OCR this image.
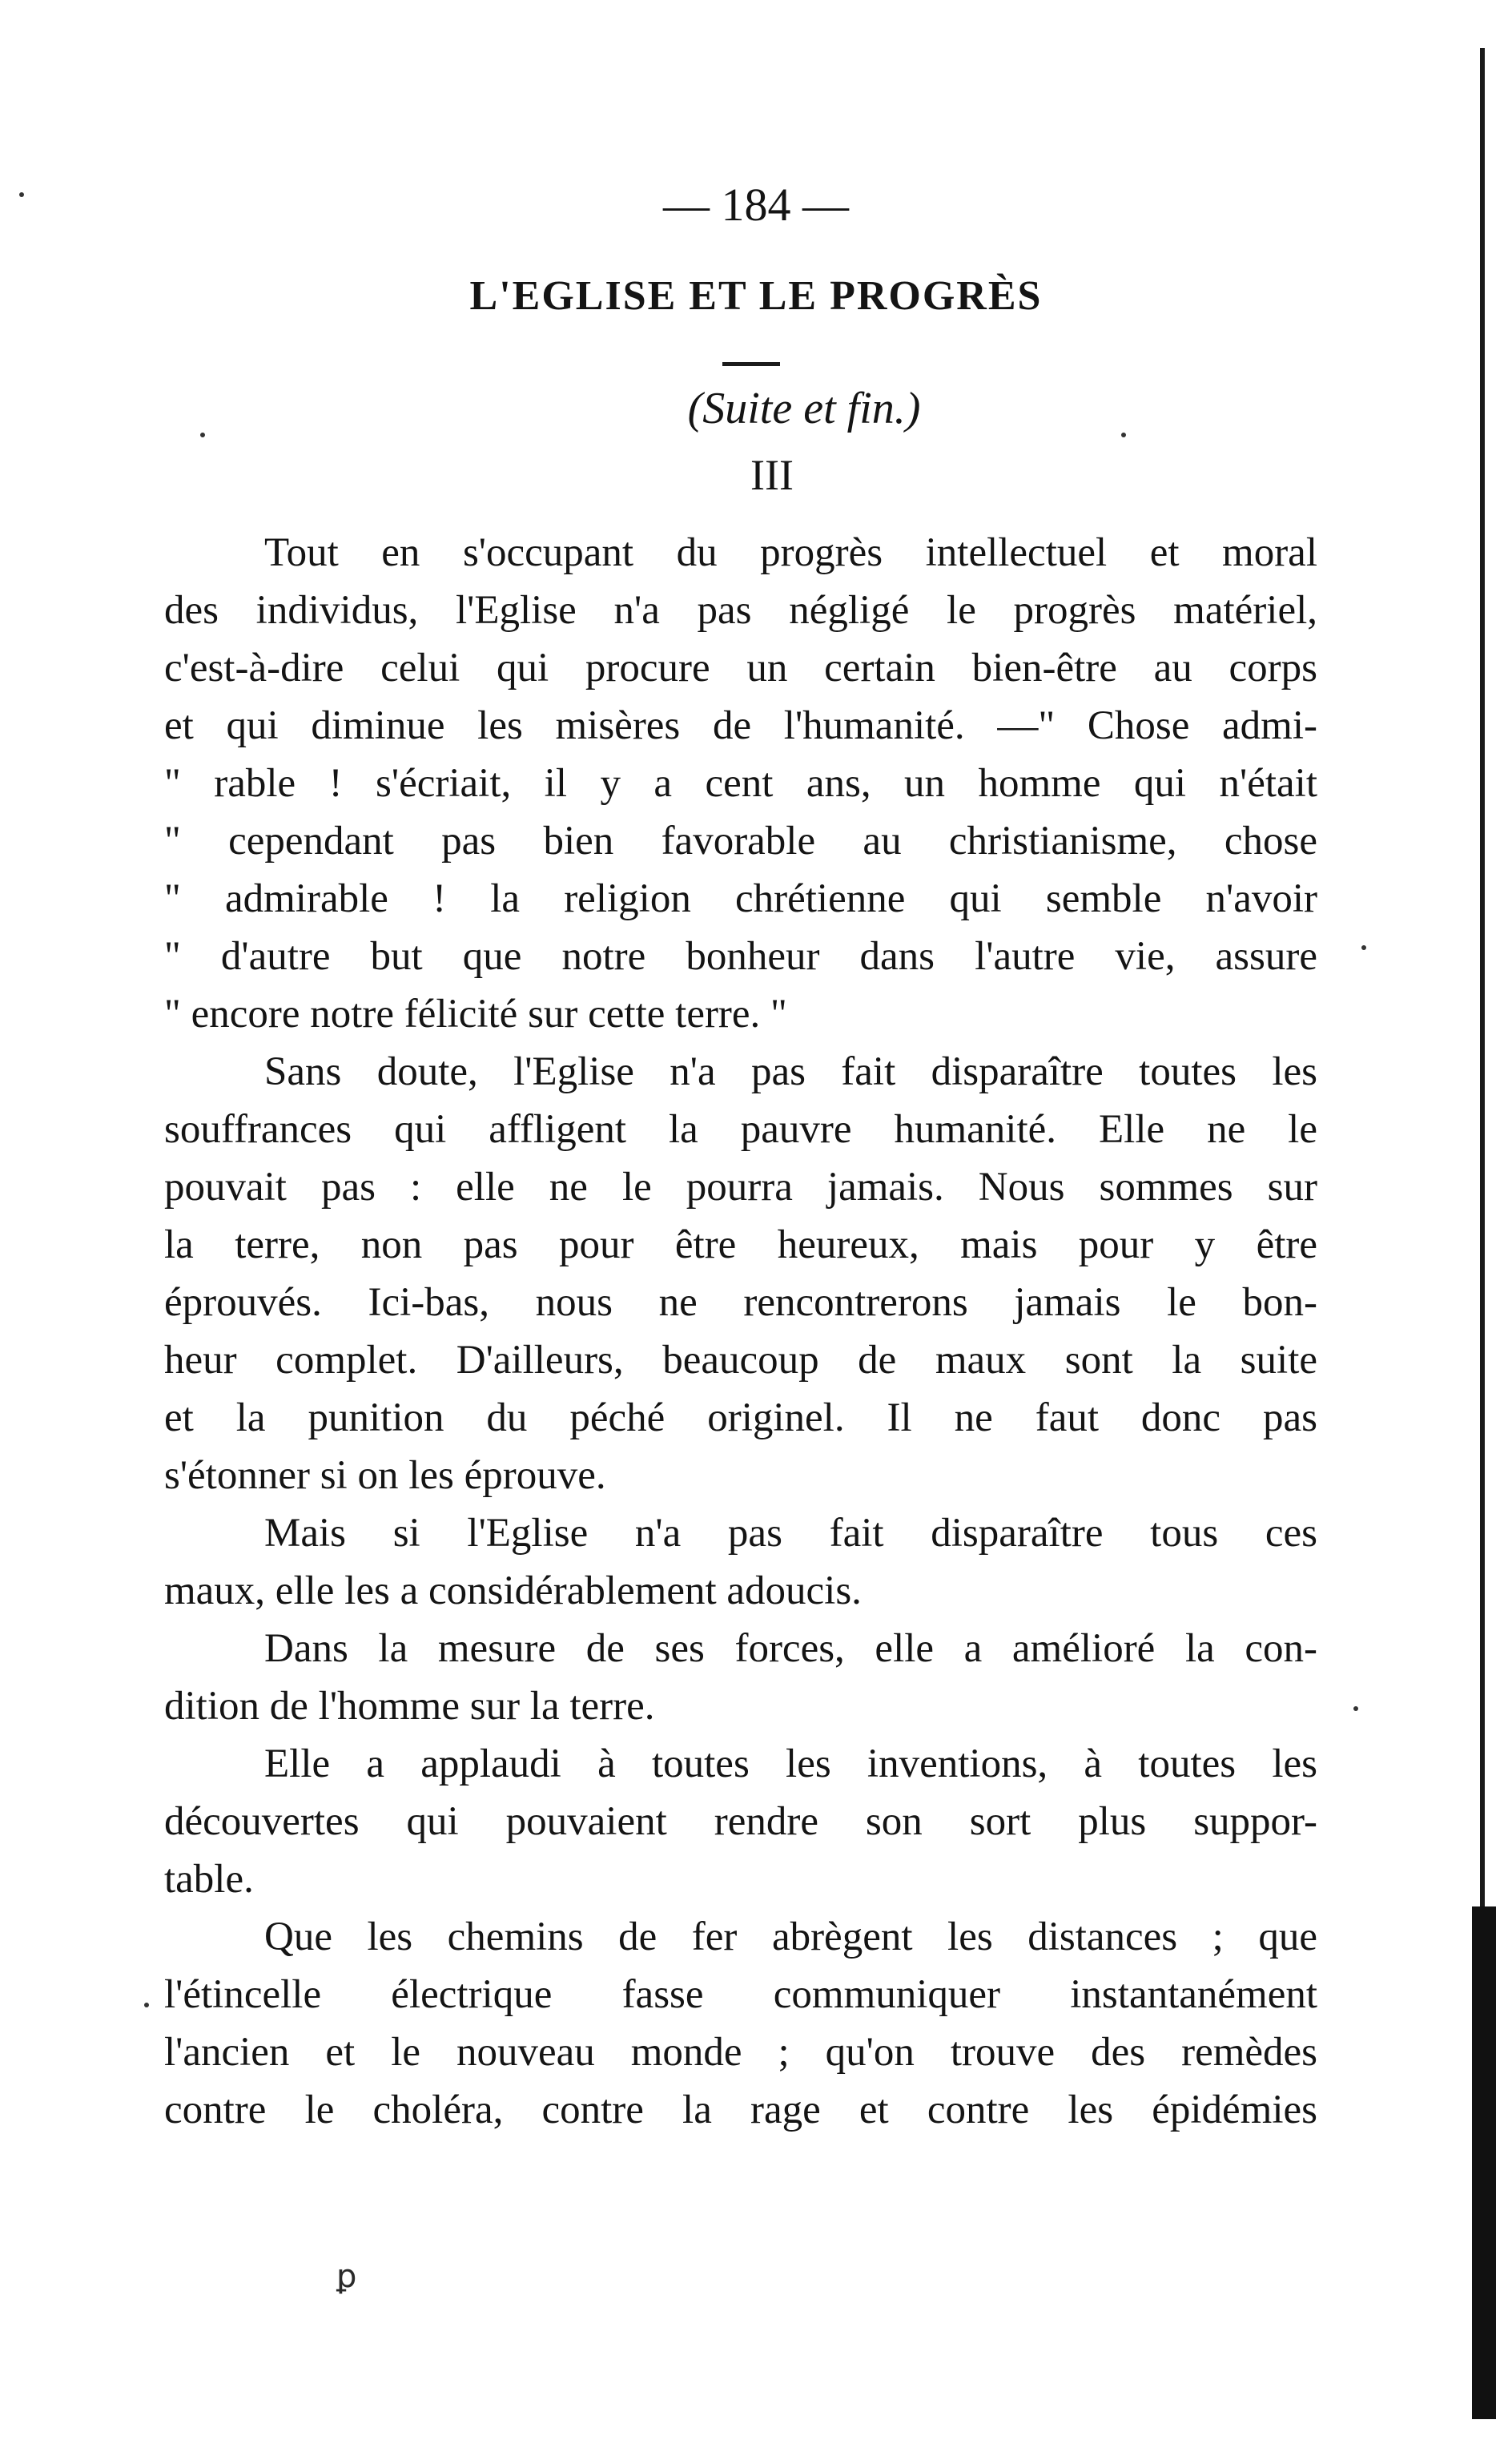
— 184 —
L'EGLISE ET LE PROGRÈS
(Suite et fin.)
III
Tout en s'occupant du progrès intellectuel et moral
des individus, l'Eglise n'a pas négligé le progrès matériel,
c'est-à-dire celui qui procure un certain bien-être au corps
et qui diminue les misères de l'humanité. —" Chose admi-
" rable ! s'écriait, il y a cent ans, un homme qui n'était
" cependant pas bien favorable au christianisme, chose
" admirable ! la religion chrétienne qui semble n'avoir
" d'autre but que notre bonheur dans l'autre vie, assure
" encore notre félicité sur cette terre. "
Sans doute, l'Eglise n'a pas fait disparaître toutes les
souffrances qui affligent la pauvre humanité. Elle ne le
pouvait pas : elle ne le pourra jamais. Nous sommes sur
la terre, non pas pour être heureux, mais pour y être
éprouvés. Ici-bas, nous ne rencontrerons jamais le bon-
heur complet. D'ailleurs, beaucoup de maux sont la suite
et la punition du péché originel. Il ne faut donc pas
s'étonner si on les éprouve.
Mais si l'Eglise n'a pas fait disparaître tous ces
maux, elle les a considérablement adoucis.
Dans la mesure de ses forces, elle a amélioré la con-
dition de l'homme sur la terre.
Elle a applaudi à toutes les inventions, à toutes les
découvertes qui pouvaient rendre son sort plus suppor-
table.
Que les chemins de fer abrègent les distances ; que
l'étincelle électrique fasse communiquer instantanément
l'ancien et le nouveau monde ; qu'on trouve des remèdes
contre le choléra, contre la rage et contre les épidémies
ꝑ
